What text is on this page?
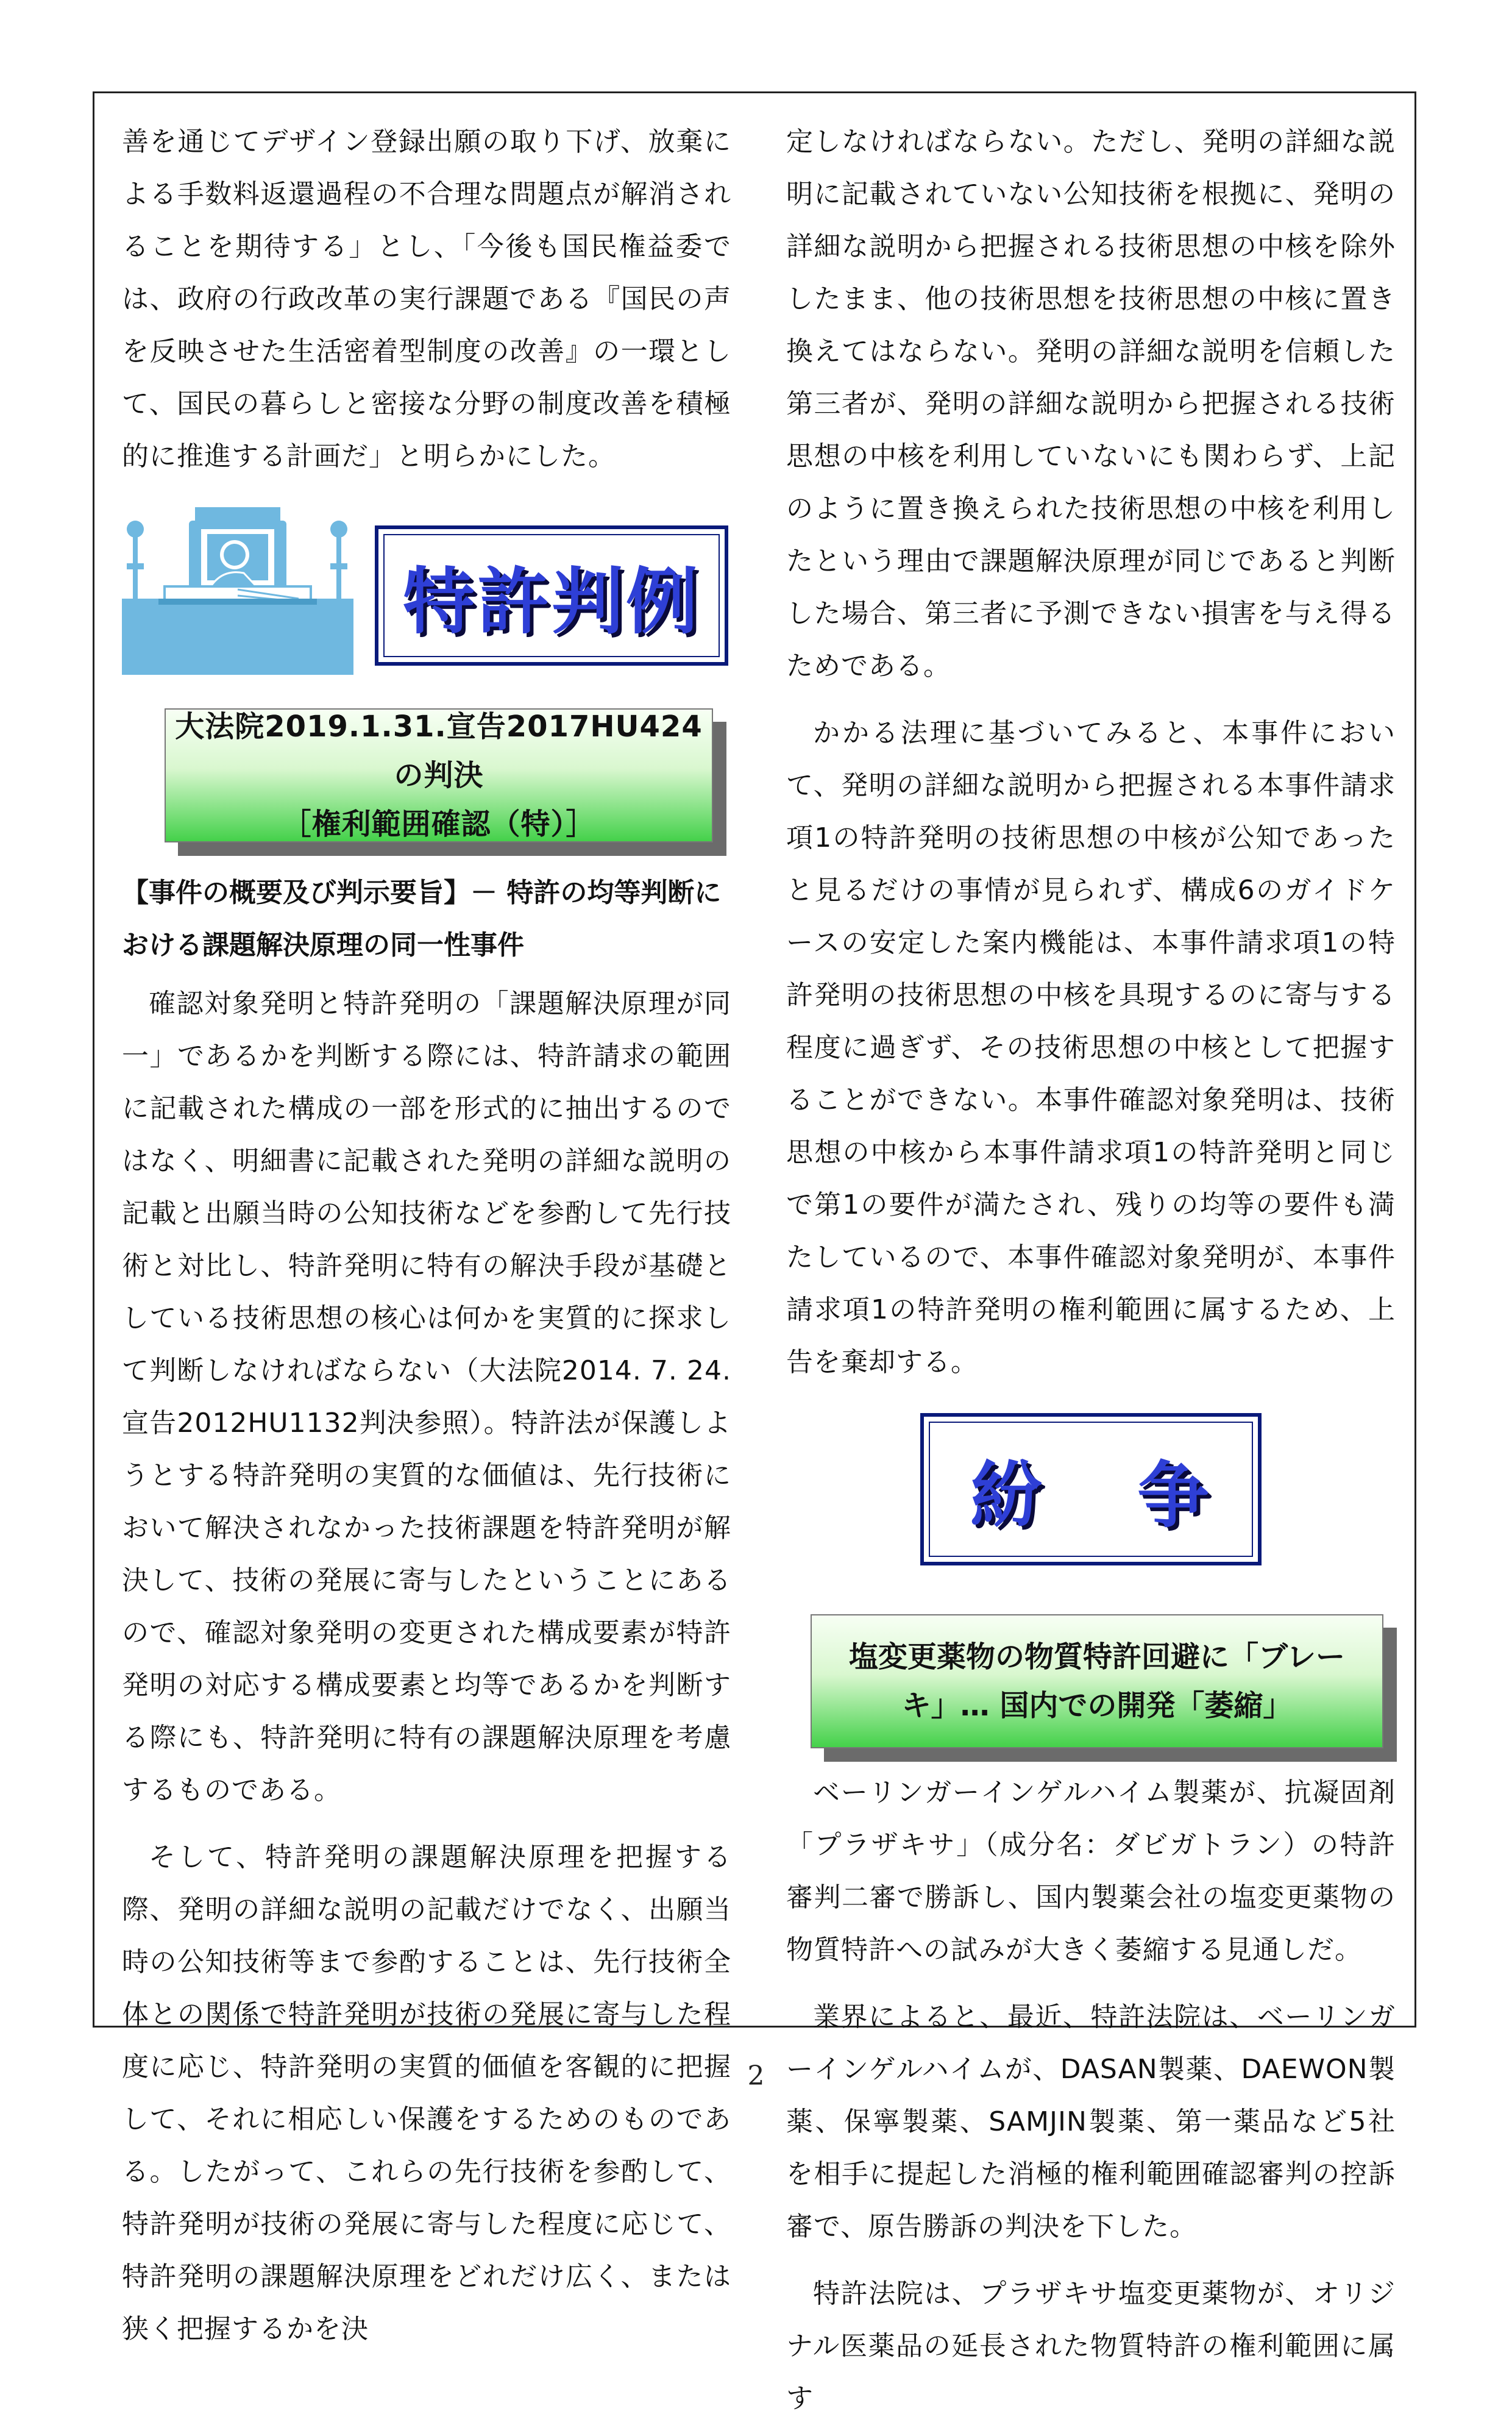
善を通じてデザイン登録出願の取り下げ、放棄による手数料返還過程の不合理な問題点が解消されることを期待する」とし、「今後も国民権益委では、政府の行政改革の実行課題である『国民の声を反映させた生活密着型制度の改善』の一環として、国民の暮らしと密接な分野の制度改善を積極的に推進する計画だ」と明らかにした。

特許判例
大法院2019.1.31.宣告2017HU424の判決
［権利範囲確認（特）］

【事件の概要及び判示要旨】－ 特許の均等判断における課題解決原理の同一性事件

確認対象発明と特許発明の「課題解決原理が同一」であるかを判断する際には、特許請求の範囲に記載された構成の一部を形式的に抽出するのではなく、明細書に記載された発明の詳細な説明の記載と出願当時の公知技術などを参酌して先行技術と対比し、特許発明に特有の解決手段が基礎としている技術思想の核心は何かを実質的に探求して判断しなければならない（大法院2014. 7. 24.宣告2012HU1132判決参照）。特許法が保護しようとする特許発明の実質的な価値は、先行技術において解決されなかった技術課題を特許発明が解決して、技術の発展に寄与したということにあるので、確認対象発明の変更された構成要素が特許発明の対応する構成要素と均等であるかを判断する際にも、特許発明に特有の課題解決原理を考慮するものである。

そして、特許発明の課題解決原理を把握する際、発明の詳細な説明の記載だけでなく、出願当時の公知技術等まで参酌することは、先行技術全体との関係で特許発明が技術の発展に寄与した程度に応じ、特許発明の実質的価値を客観的に把握して、それに相応しい保護をするためのものである。したがって、これらの先行技術を参酌して、特許発明が技術の発展に寄与した程度に応じて、特許発明の課題解決原理をどれだけ広く、または狭く把握するかを決

定しなければならない。ただし、発明の詳細な説明に記載されていない公知技術を根拠に、発明の詳細な説明から把握される技術思想の中核を除外したまま、他の技術思想を技術思想の中核に置き換えてはならない。発明の詳細な説明を信頼した第三者が、発明の詳細な説明から把握される技術思想の中核を利用していないにも関わらず、上記のように置き換えられた技術思想の中核を利用したという理由で課題解決原理が同じであると判断した場合、第三者に予測できない損害を与え得るためである。

かかる法理に基づいてみると、本事件において、発明の詳細な説明から把握される本事件請求項1の特許発明の技術思想の中核が公知であったと見るだけの事情が見られず、構成6のガイドケースの安定した案内機能は、本事件請求項1の特許発明の技術思想の中核を具現するのに寄与する程度に過ぎず、その技術思想の中核として把握することができない。本事件確認対象発明は、技術思想の中核から本事件請求項1の特許発明と同じで第1の要件が満たされ、残りの均等の要件も満たしているので、本事件確認対象発明が、本事件請求項1の特許発明の権利範囲に属するため、上告を棄却する。

紛 争
塩変更薬物の物質特許回避に「ブレー
キ」… 国内での開発「萎縮」

ベーリンガーインゲルハイム製薬が、抗凝固剤「プラザキサ」（成分名：ダビガトラン）の特許審判二審で勝訴し、国内製薬会社の塩変更薬物の物質特許への試みが大きく萎縮する見通しだ。

業界によると、最近、特許法院は、ベーリンガーインゲルハイムが、DASAN製薬、DAEWON製薬、保寧製薬、SAMJIN製薬、第一薬品など5社を相手に提起した消極的権利範囲確認審判の控訴審で、原告勝訴の判決を下した。

特許法院は、プラザキサ塩変更薬物が、オリジナル医薬品の延長された物質特許の権利範囲に属す

2
